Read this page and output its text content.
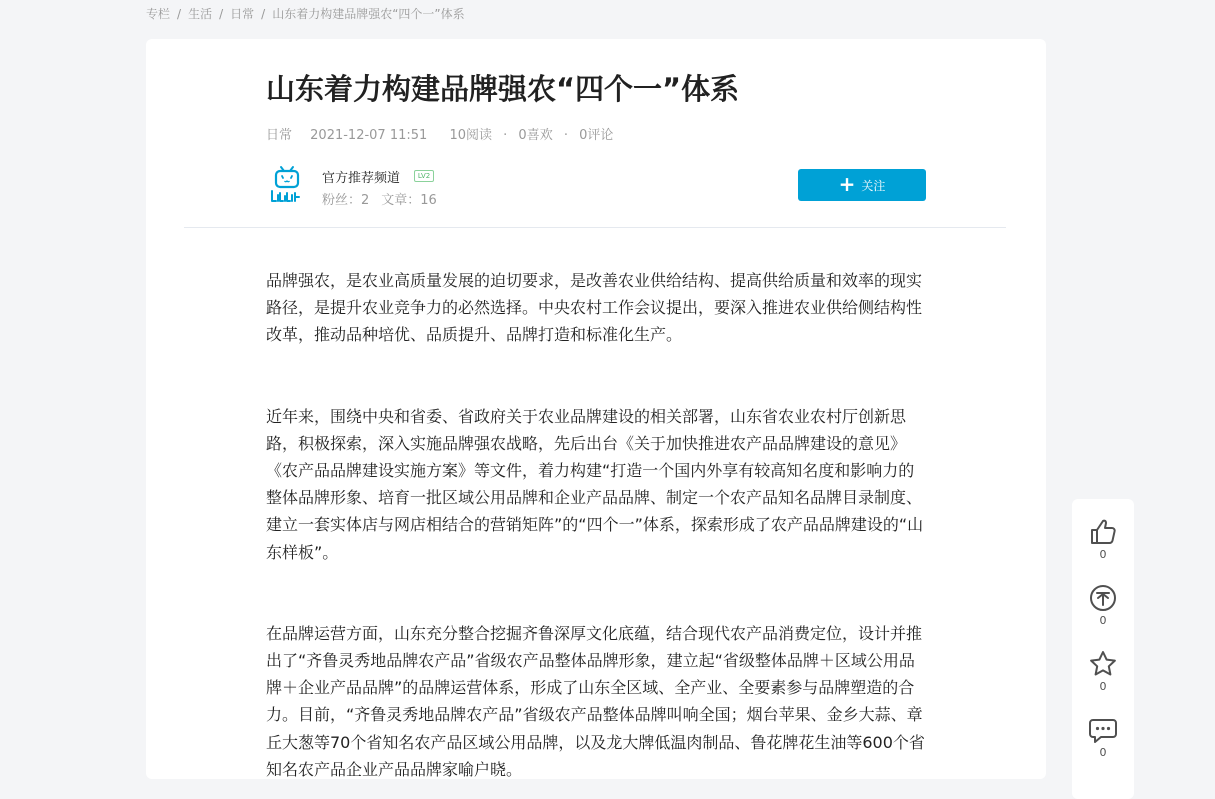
专栏 / 生活 / 日常 / 山东着力构建品牌强农“四个一”体系
山东着力构建品牌强农“四个一”体系
日常 2021-12-07 11:51 10阅读 · 0喜欢 · 0评论
官方推荐频道	LV2
粉丝：2 文章：16
+ 关注

品牌强农，是农业高质量发展的迫切要求，是改善农业供给结构、提高供给质量和效率的现实路径，是提升农业竞争力的必然选择。中央农村工作会议提出，要深入推进农业供给侧结构性改革，推动品种培优、品质提升、品牌打造和标准化生产。

近年来，围绕中央和省委、省政府关于农业品牌建设的相关部署，山东省农业农村厅创新思路，积极探索，深入实施品牌强农战略，先后出台《关于加快推进农产品品牌建设的意见》《农产品品牌建设实施方案》等文件，着力构建“打造一个国内外享有较高知名度和影响力的整体品牌形象、培育一批区域公用品牌和企业产品品牌、制定一个农产品知名品牌目录制度、建立一套实体店与网店相结合的营销矩阵”的“四个一”体系，探索形成了农产品品牌建设的“山东样板”。

在品牌运营方面，山东充分整合挖掘齐鲁深厚文化底蕴，结合现代农产品消费定位，设计并推出了“齐鲁灵秀地品牌农产品”省级农产品整体品牌形象，建立起“省级整体品牌＋区域公用品牌＋企业产品品牌”的品牌运营体系，形成了山东全区域、全产业、全要素参与品牌塑造的合力。目前，“齐鲁灵秀地品牌农产品”省级农产品整体品牌叫响全国；烟台苹果、金乡大蒜、章丘大葱等70个省知名农产品区域公用品牌，以及龙大牌低温肉制品、鲁花牌花生油等600个省知名农产品企业产品品牌家喻户晓。

0
0
0
0
